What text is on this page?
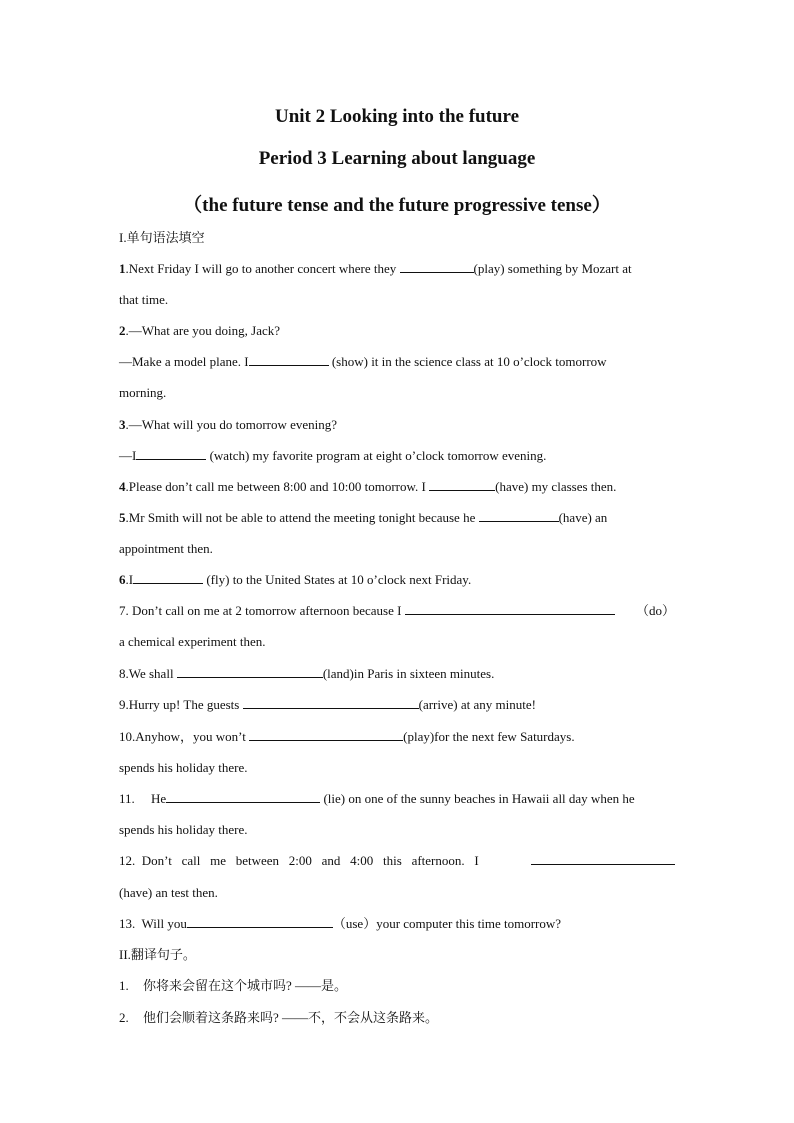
Unit 2 Looking into the future
Period 3 Learning about language
（the future tense and the future progressive tense）
I.单句语法填空
1.Next Friday I will go to another concert where they	(play) something by Mozart at
that time.
2.—What are you doing, Jack?
—Make a model plane. I	(show) it in the science class at 10 o’clock tomorrow
morning.
3.—What will you do tomorrow evening?
—I	(watch) my favorite program at eight o’clock tomorrow evening.
4.Please don’t call me between 8:00 and 10:00 tomorrow. I	(have) my classes then.
5.Mr Smith will not be able to attend the meeting tonight because he	(have) an
appointment then.
6.I	(fly) to the United States at 10 o’clock next Friday.
7. Don’t call on me at 2 tomorrow afternoon because I	（do）
a chemical experiment then.
8.We shall	(land)in Paris in sixteen minutes.
9.Hurry up! The guests	(arrive) at any minute!
10.Anyhow，you won’t	(play)for the next few Saturdays.
spends his holiday there.
11.     He	(lie) on one of the sunny beaches in Hawaii all day when he
spends his holiday there.
12.  Don’t   call   me   between   2:00   and   4:00   this   afternoon.   I
(have) an test then.
13.  Will you	（use）your computer this time tomorrow?
II.翻译句子。
1. 你将来会留在这个城市吗? ——是。
2. 他们会顺着这条路来吗? ——不，不会从这条路来。
